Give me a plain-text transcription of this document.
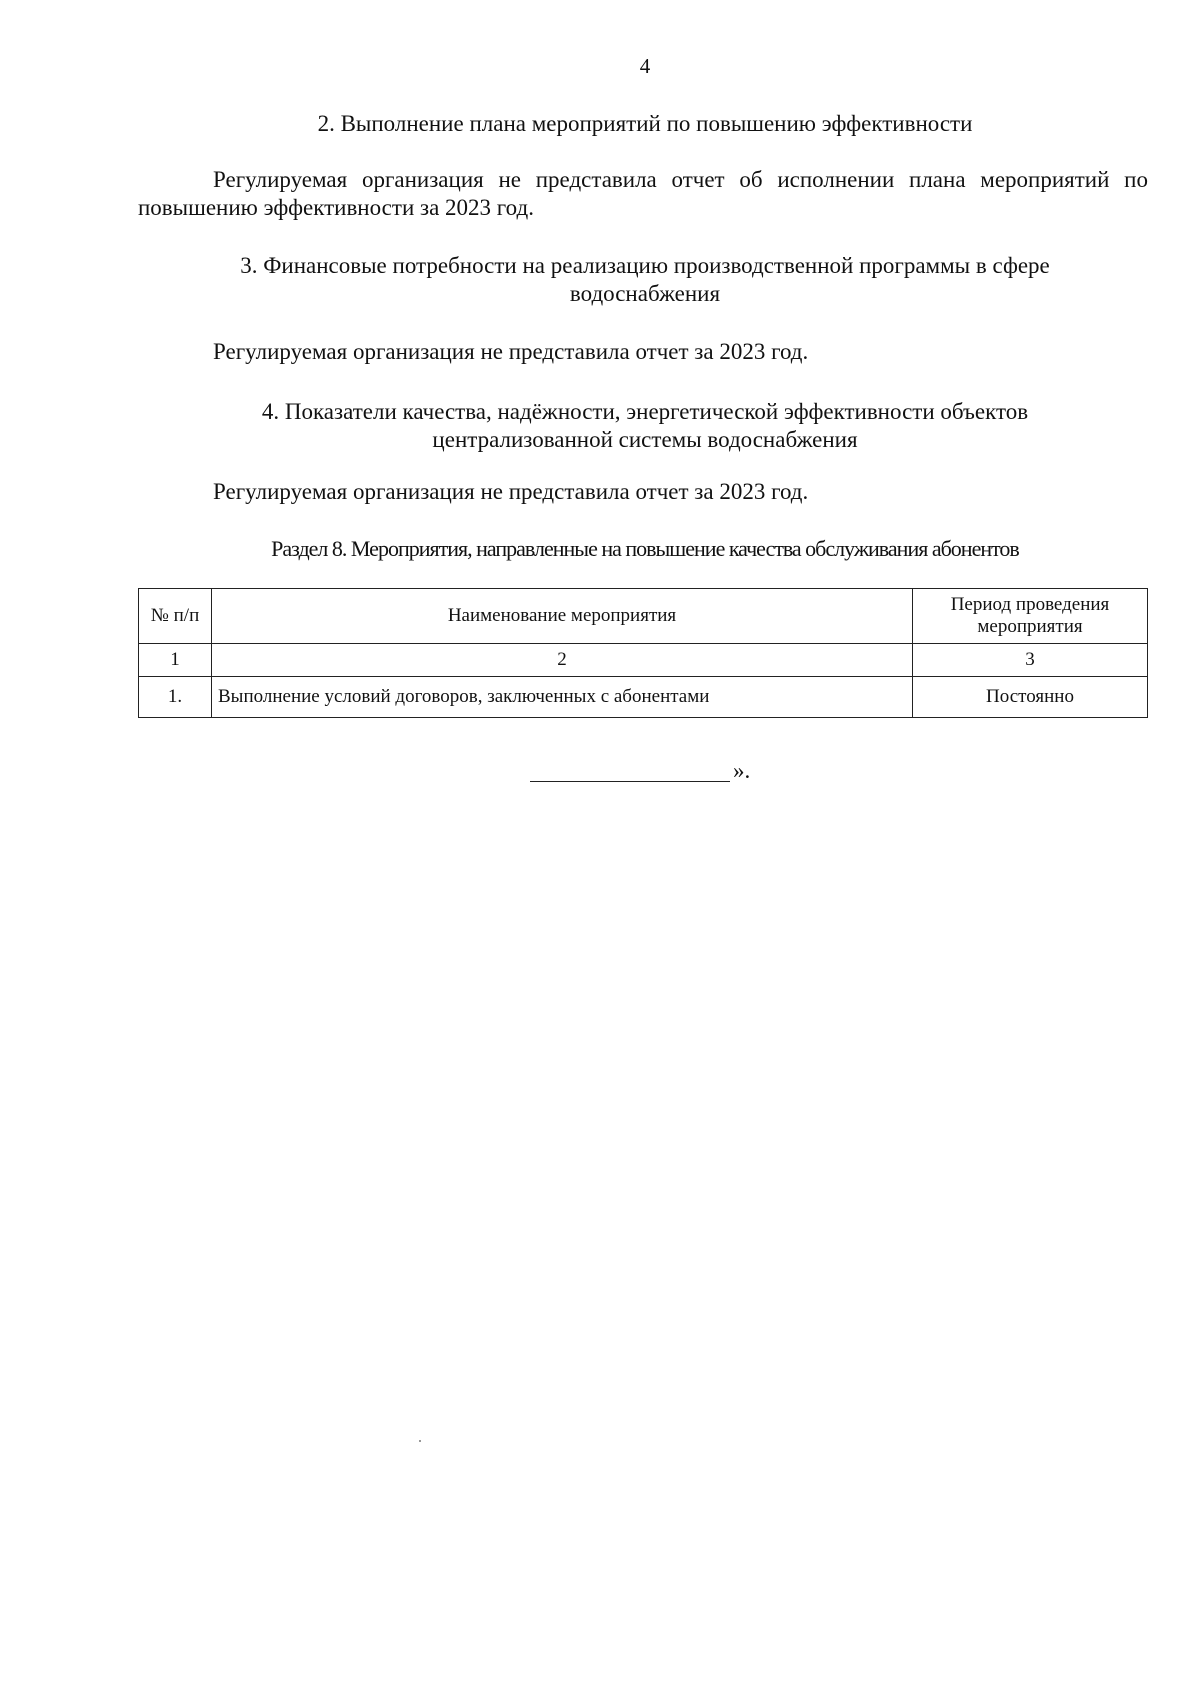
4
2. Выполнение плана мероприятий по повышению эффективности
Регулируемая организация не представила отчет об исполнении плана мероприятий по повышению эффективности за 2023 год.
3. Финансовые потребности на реализацию производственной программы в сфере
водоснабжения
Регулируемая организация не представила отчет за 2023 год.
4. Показатели качества, надёжности, энергетической эффективности объектов
централизованной системы водоснабжения
Регулируемая организация не представила отчет за 2023 год.
Раздел 8. Мероприятия, направленные на повышение качества обслуживания абонентов
№ п/п	Наименование мероприятия	Период проведения
мероприятия

1	2	3
1.	Выполнение условий договоров, заключенных с абонентами	Постоянно
».
